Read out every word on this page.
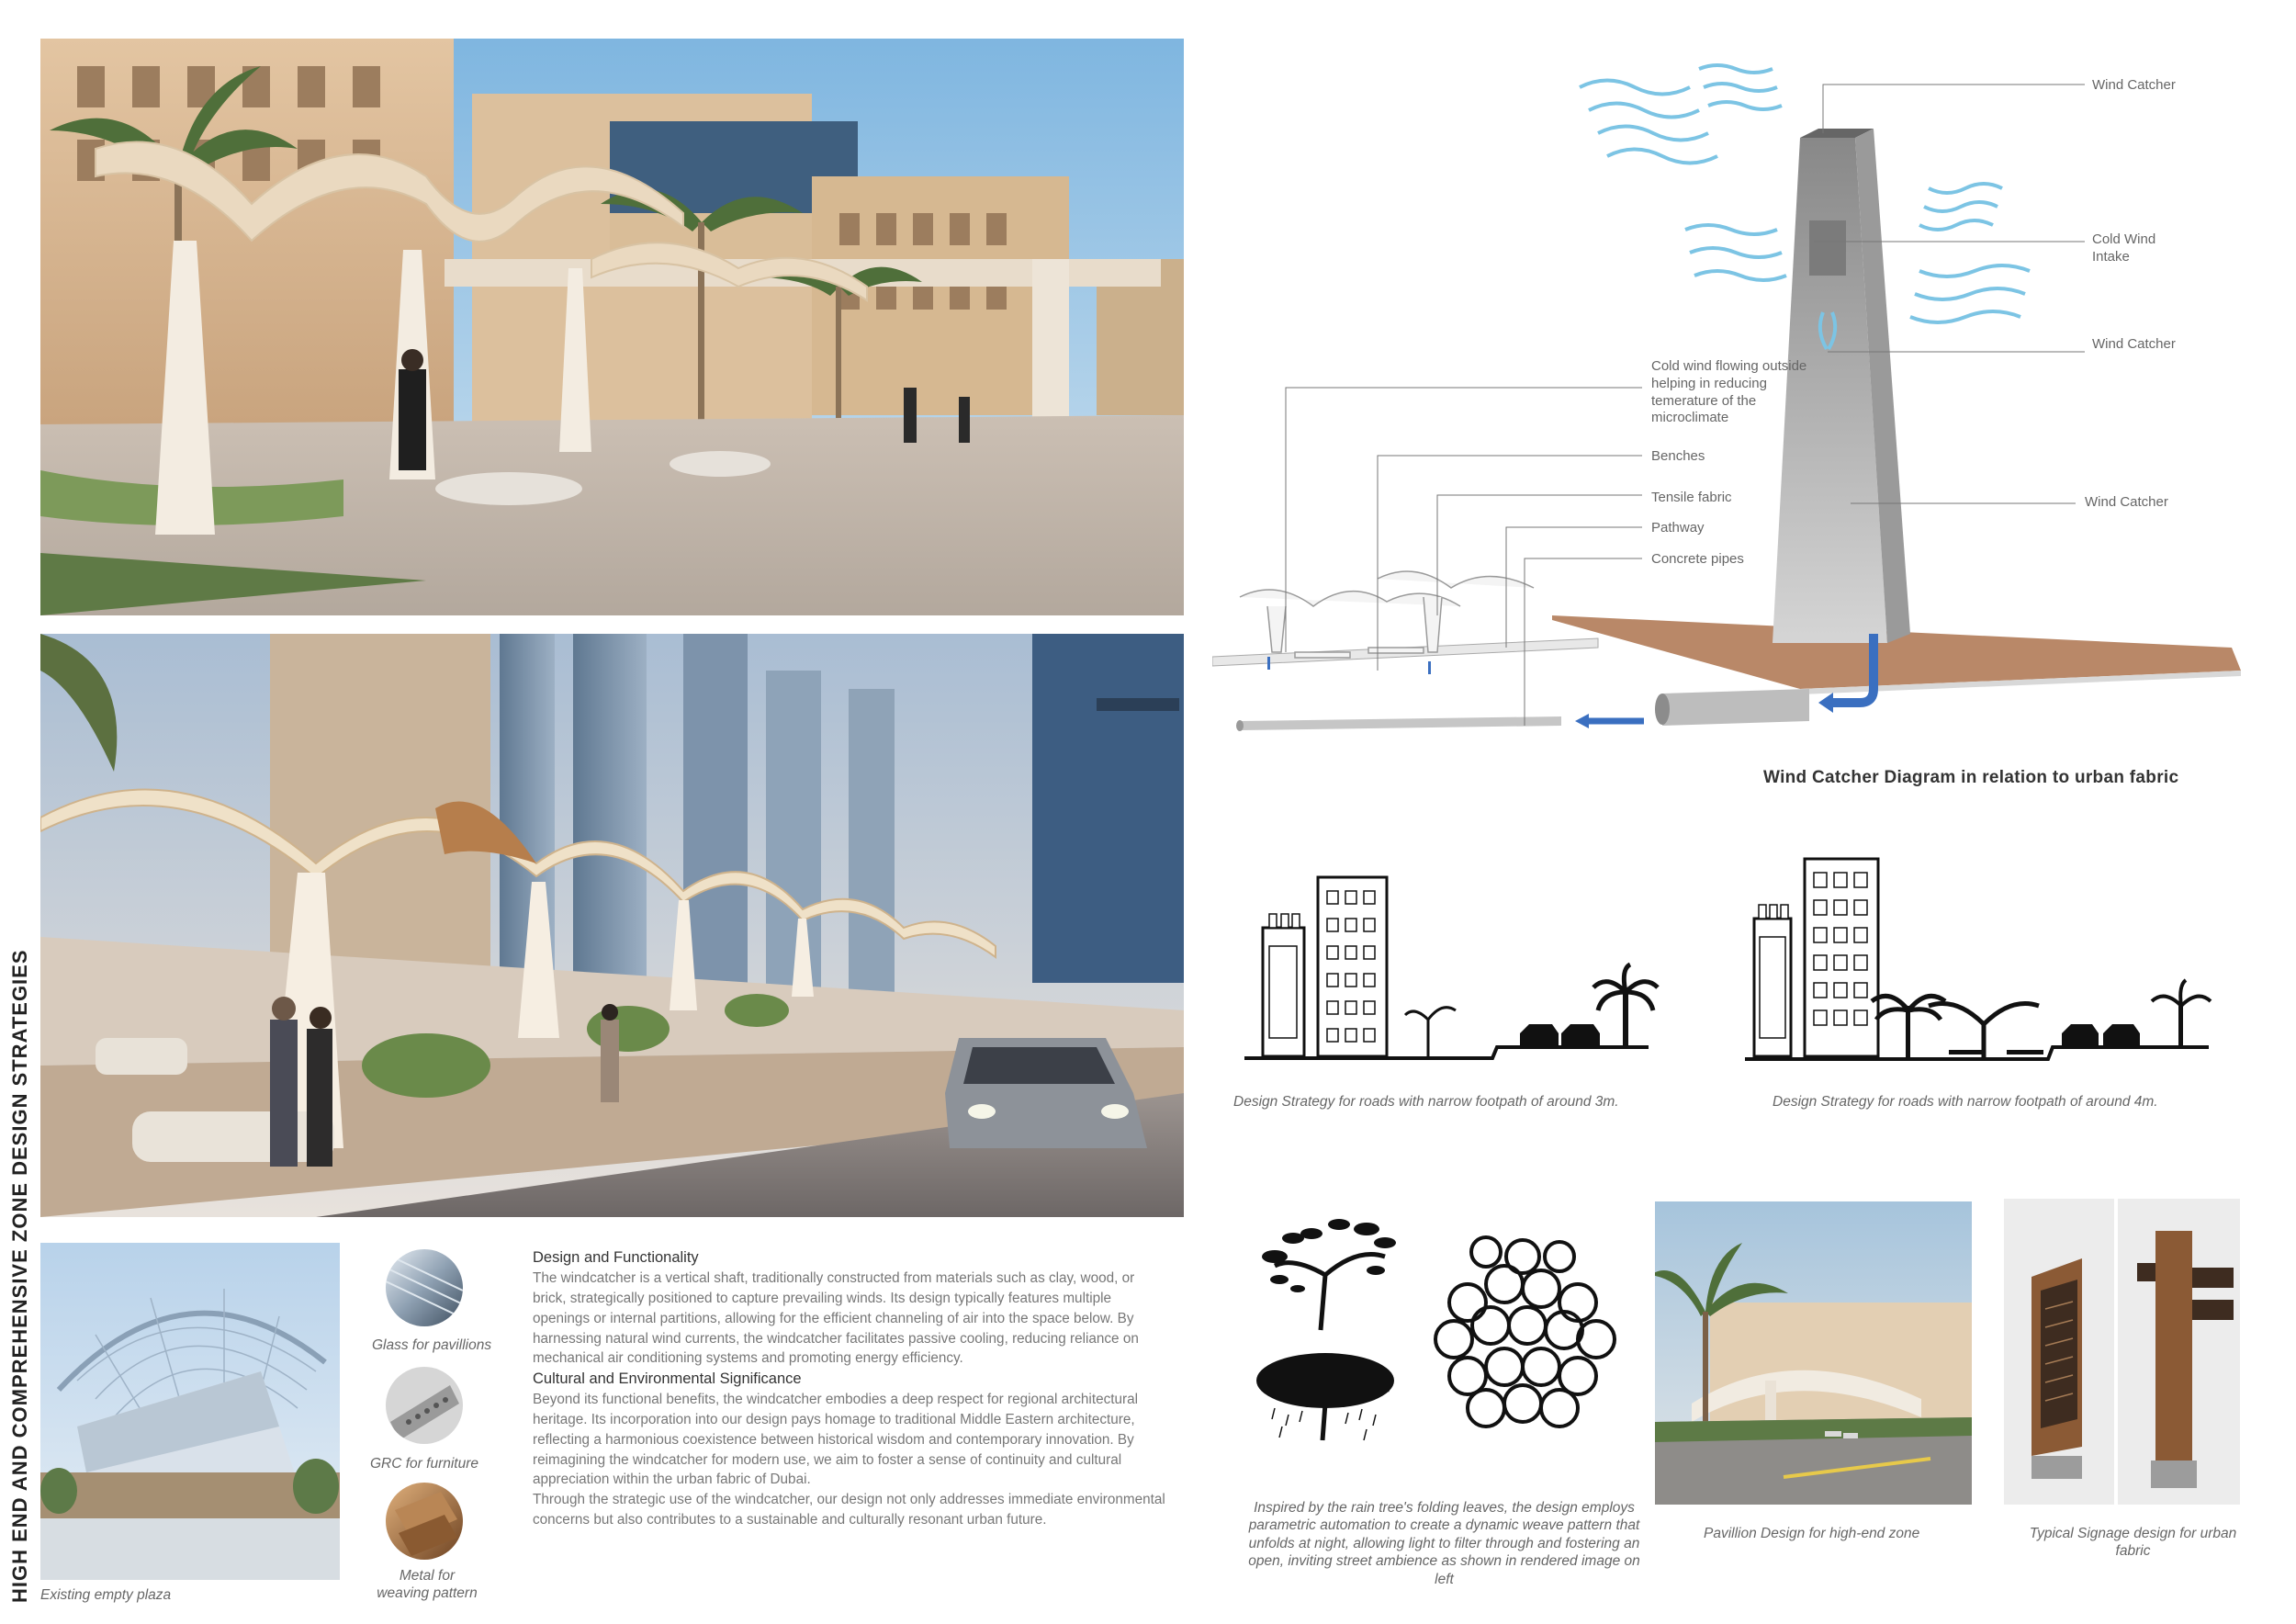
HIGH END AND COMPREHENSIVE ZONE DESIGN STRATEGIES Existing empty plaza
Glass for pavillions
GRC for furniture
Metal for weaving pattern
Design and Functionality

The windcatcher is a vertical shaft, traditionally constructed from materials such as clay, wood, or brick, strategically positioned to capture prevailing winds. Its design typically features multiple openings or internal partitions, allowing for the efficient channeling of air into the space below. By harnessing natural wind currents, the windcatcher facilitates passive cooling, reducing reliance on mechanical air conditioning systems and promoting energy efficiency.

Cultural and Environmental Significance

Beyond its functional benefits, the windcatcher embodies a deep respect for regional architectural heritage. Its incorporation into our design pays homage to traditional Middle Eastern architecture, reflecting a harmonious coexistence between historical wisdom and contemporary innovation. By reimagining the windcatcher for modern use, we aim to foster a sense of continuity and cultural appreciation within the urban fabric of Dubai.

Through the strategic use of the windcatcher, our design not only addresses immediate environmental concerns but also contributes to a sustainable and culturally resonant urban future.

Wind Catcher
Cold Wind Intake
Wind Catcher
Wind Catcher
Cold wind flowing outside helping in reducing temerature of the microclimate
Benches
Tensile fabric
Pathway
Concrete pipes
Wind Catcher Diagram in relation to urban fabric
Design Strategy for roads with narrow footpath of around 3m.	Design Strategy for roads with narrow footpath of around 4m.
Inspired by the rain tree's folding leaves, the design employs parametric automation to create a dynamic weave pattern that unfolds at night, allowing light to filter through and fostering an open, inviting street ambience as shown in rendered image on left
Pavillion Design for high-end zone	Typical Signage design for urban fabric
